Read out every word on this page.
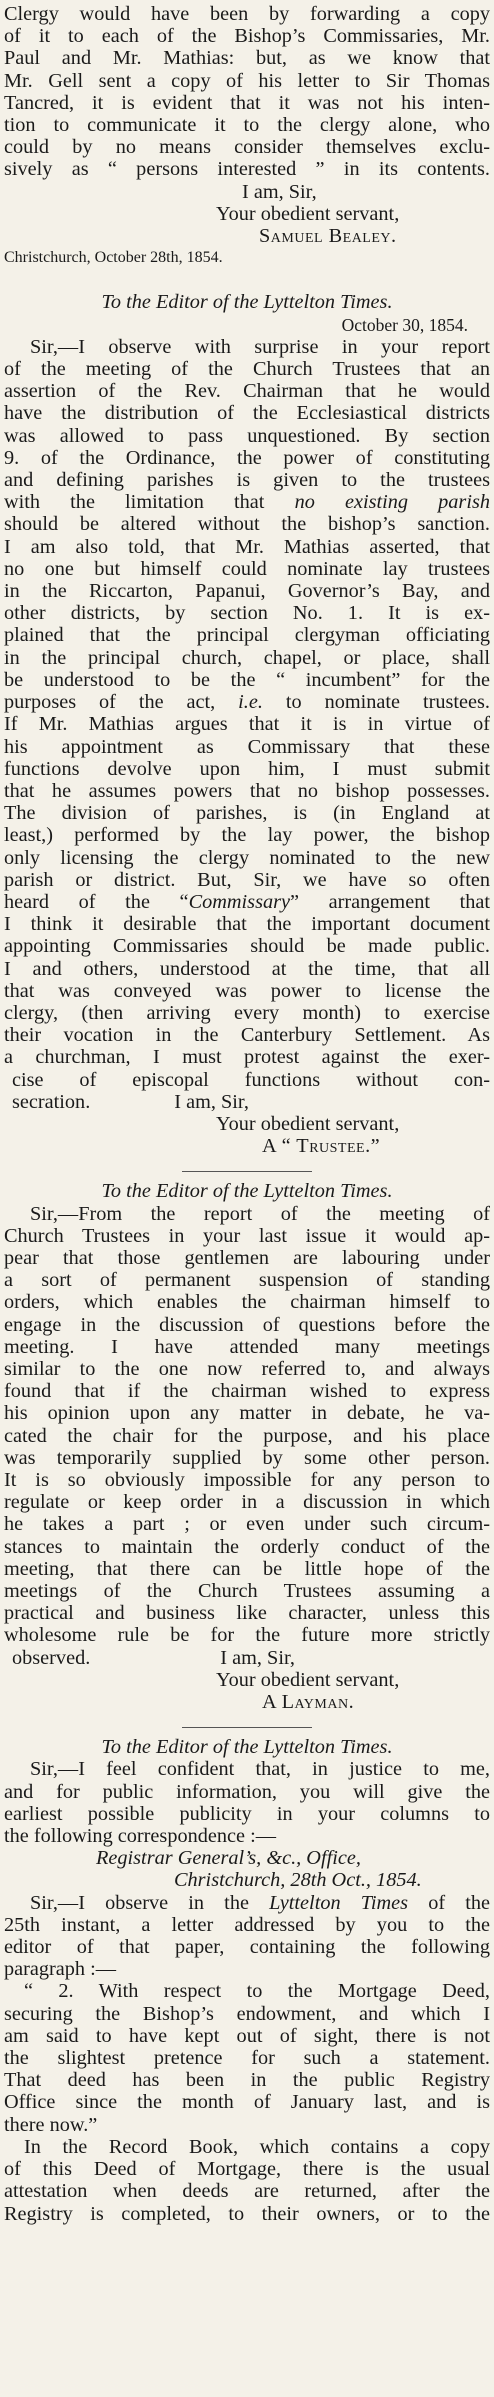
Clergy would have been by forwarding a copy
of it to each of the Bishop’s Commissaries, Mr.
Paul and Mr. Mathias: but, as we know that
Mr. Gell sent a copy of his letter to Sir Thomas
Tancred, it is evident that it was not his inten-
tion to communicate it to the clergy alone, who
could by no means consider themselves exclu-
sively as “ persons interested ” in its contents.
I am, Sir,
Your obedient servant,
Samuel Bealey.
Christchurch, October 28th, 1854.
To the Editor of the Lyttelton Times.
October 30, 1854.
Sir,—I observe with surprise in your report
of the meeting of the Church Trustees that an
assertion of the Rev. Chairman that he would
have the distribution of the Ecclesiastical districts
was allowed to pass unquestioned. By section
9. of the Ordinance, the power of constituting
and defining parishes is given to the trustees
with the limitation that no existing parish
should be altered without the bishop’s sanction.
I am also told, that Mr. Mathias asserted, that
no one but himself could nominate lay trustees
in the Riccarton, Papanui, Governor’s Bay, and
other districts, by section No. 1. It is ex-
plained that the principal clergyman officiating
in the principal church, chapel, or place, shall
be understood to be the “ incumbent” for the
purposes of the act, i.e. to nominate trustees.
If Mr. Mathias argues that it is in virtue of
his appointment as Commissary that these
functions devolve upon him, I must submit
that he assumes powers that no bishop possesses.
The division of parishes, is (in England at
least,) performed by the lay power, the bishop
only licensing the clergy nominated to the new
parish or district. But, Sir, we have so often
heard of the “Commissary” arrangement that
I think it desirable that the important document
appointing Commissaries should be made public.
I and others, understood at the time, that all
that was conveyed was power to license the
clergy, (then arriving every month) to exercise
their vocation in the Canterbury Settlement. As
a churchman, I must protest against the exer-
cise of episcopal functions without con-
secration.	I am, Sir,
Your obedient servant,
A “ Trustee.”
To the Editor of the Lyttelton Times.
Sir,—From the report of the meeting of
Church Trustees in your last issue it would ap-
pear that those gentlemen are labouring under
a sort of permanent suspension of standing
orders, which enables the chairman himself to
engage in the discussion of questions before the
meeting. I have attended many meetings
similar to the one now referred to, and always
found that if the chairman wished to express
his opinion upon any matter in debate, he va-
cated the chair for the purpose, and his place
was temporarily supplied by some other person.
It is so obviously impossible for any person to
regulate or keep order in a discussion in which
he takes a part ; or even under such circum-
stances to maintain the orderly conduct of the
meeting, that there can be little hope of the
meetings of the Church Trustees assuming a
practical and business like character, unless this
wholesome rule be for the future more strictly
observed.	I am, Sir,
Your obedient servant,
A Layman.
To the Editor of the Lyttelton Times.
Sir,—I feel confident that, in justice to me,
and for public information, you will give the
earliest possible publicity in your columns to
the following correspondence :—
Registrar General’s, &c., Office,
Christchurch, 28th Oct., 1854.
Sir,—I observe in the Lyttelton Times of the
25th instant, a letter addressed by you to the
editor of that paper, containing the following
paragraph :—
“ 2. With respect to the Mortgage Deed,
securing the Bishop’s endowment, and which I
am said to have kept out of sight, there is not
the slightest pretence for such a statement.
That deed has been in the public Registry
Office since the month of January last, and is
there now.”
In the Record Book, which contains a copy
of this Deed of Mortgage, there is the usual
attestation when deeds are returned, after the
Registry is completed, to their owners, or to the
